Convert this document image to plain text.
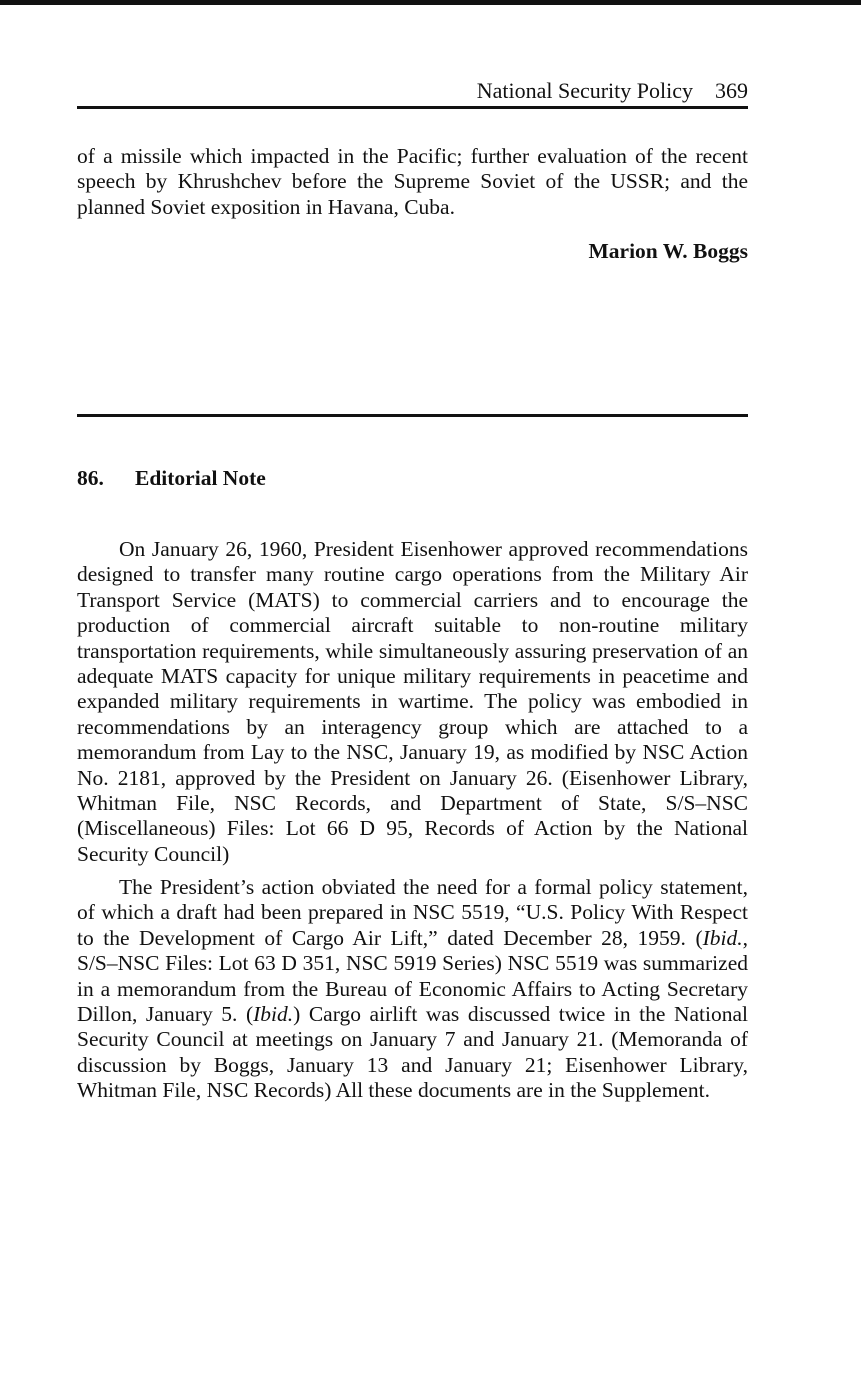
National Security Policy 369

of a missile which impacted in the Pacific; further evaluation of the recent speech by Khrushchev before the Supreme Soviet of the USSR; and the planned Soviet exposition in Havana, Cuba.

Marion W. Boggs
86. Editorial Note

On January 26, 1960, President Eisenhower approved recommendations designed to transfer many routine cargo operations from the Military Air Transport Service (MATS) to commercial carriers and to encourage the production of commercial aircraft suitable to non-routine military transportation requirements, while simultaneously assuring preservation of an adequate MATS capacity for unique military requirements in peacetime and expanded military requirements in wartime. The policy was embodied in recommendations by an interagency group which are attached to a memorandum from Lay to the NSC, January 19, as modified by NSC Action No. 2181, approved by the President on January 26. (Eisenhower Library, Whitman File, NSC Records, and Department of State, S/S–NSC (Miscellaneous) Files: Lot 66 D 95, Records of Action by the National Security Council)

The President’s action obviated the need for a formal policy statement, of which a draft had been prepared in NSC 5519, “U.S. Policy With Respect to the Development of Cargo Air Lift,” dated December 28, 1959. (Ibid., S/S–NSC Files: Lot 63 D 351, NSC 5919 Series) NSC 5519 was summarized in a memorandum from the Bureau of Economic Affairs to Acting Secretary Dillon, January 5. (Ibid.) Cargo airlift was discussed twice in the National Security Council at meetings on January 7 and January 21. (Memoranda of discussion by Boggs, January 13 and January 21; Eisenhower Library, Whitman File, NSC Records) All these documents are in the Supplement.
